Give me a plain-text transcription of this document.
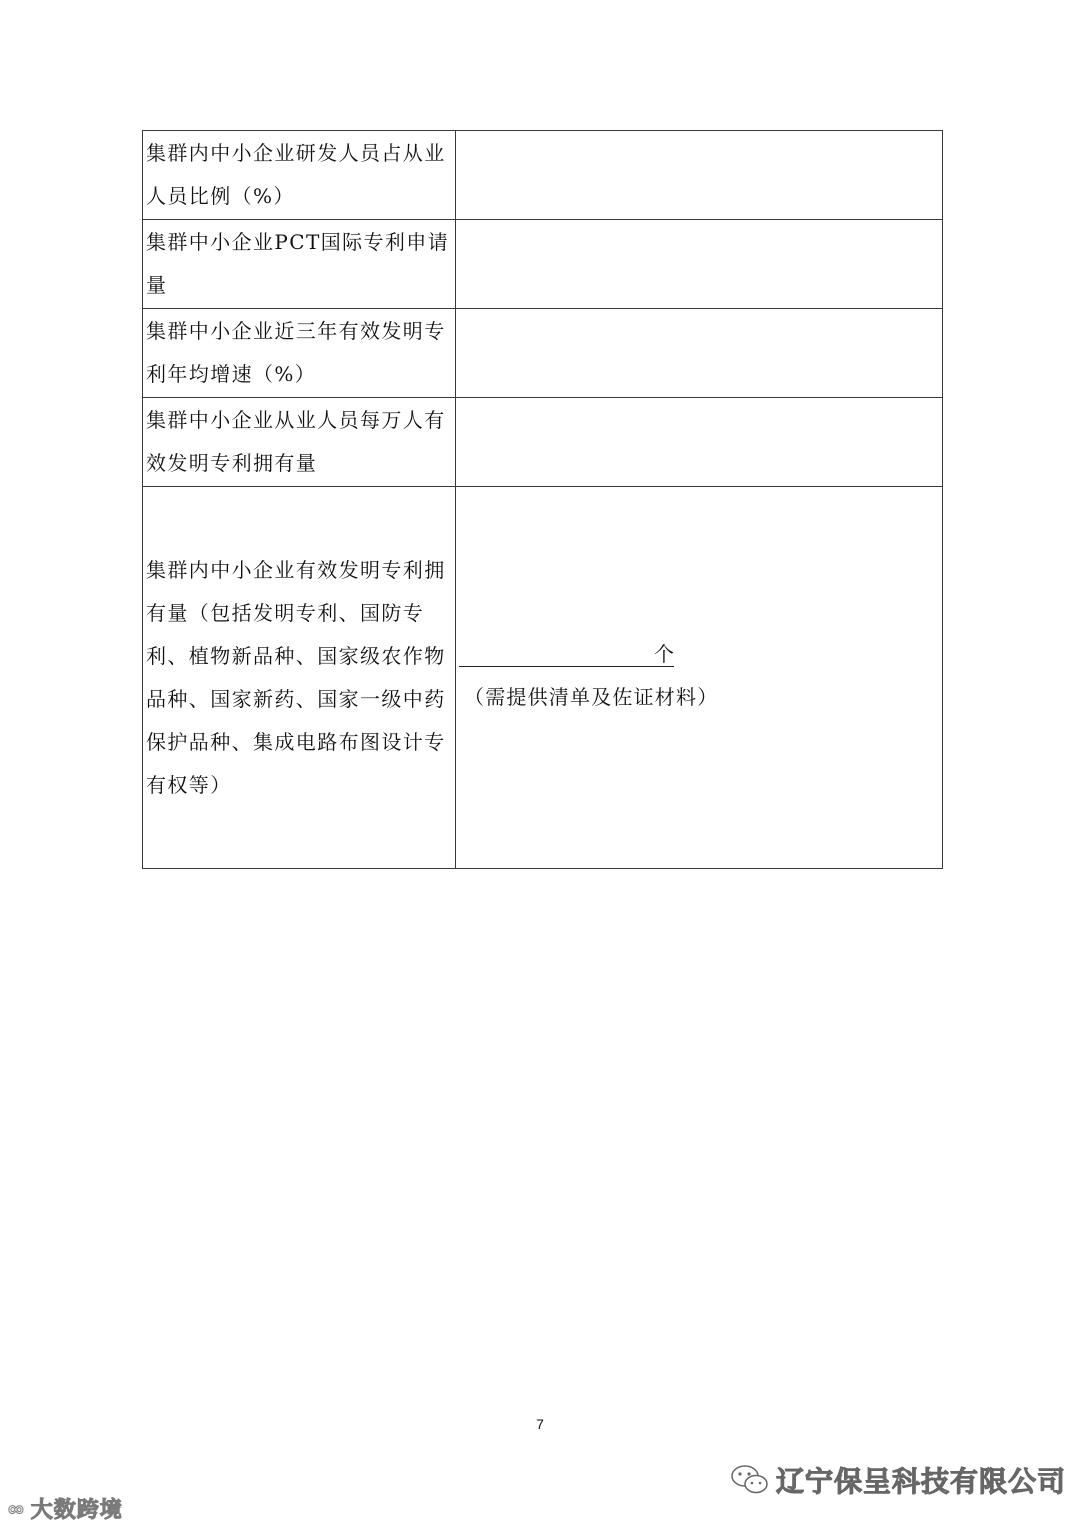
集群内中小企业研发人员占从业人员比例（%）	
集群中小企业PCT国际专利申请量	
集群中小企业近三年有效发明专利年均增速（%）	
集群中小企业从业人员每万人有效发明专利拥有量	
集群内中小企业有效发明专利拥有量（包括发明专利、国防专利、植物新品种、国家级农作物品种、国家新药、国家一级中药保护品种、集成电路布图设计专有权等）	个
（需提供清单及佐证材料）
7
∞ 大数跨境
辽宁保呈科技有限公司
